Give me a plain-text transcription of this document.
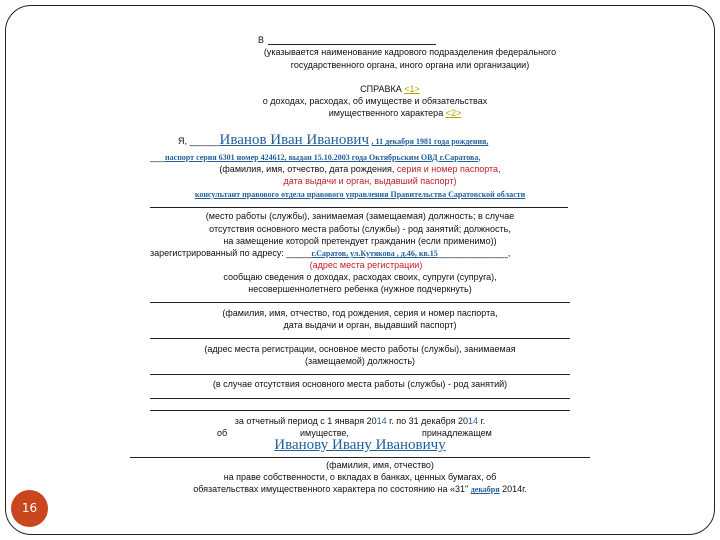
В
(указывается наименование кадрового подразделения федерального
государственного органа, иного органа или организации)
СПРАВКА <1>
о доходах, расходах, об имуществе и обязательствах
имущественного характера <2>
Я, ______Иванов Иван Иванович , 11 декабря 1981 года рождения,
___паспорт серия 6301 номер 424612, выдан 15.10.2003 года Октябрьским ОВД г.Саратова,
(фамилия, имя, отчество, дата рождения, серия и номер паспорта,
дата выдачи и орган, выдавший паспорт)
консультант правового отдела правового управления Правительства Саратовской области
(место работы (службы), занимаемая (замещаемая) должность; в случае
отсутствия основного места работы (службы) - род занятий; должность,
на замещение которой претендует гражданин (если применимо))
зарегистрированный по адресу: _____г.Саратов, ул.Кутякова , д.46, кв.15______________,
(адрес места регистрации)
сообщаю сведения о доходах, расходах своих, супруги (супруга),
несовершеннолетнего ребенка (нужное подчеркнуть)
(фамилия, имя, отчество, год рождения, серия и номер паспорта,
дата выдачи и орган, выдавший паспорт)
(адрес места регистрации, основное место работы (службы), занимаемая
(замещаемой) должность)
(в случае отсутствия основного места работы (службы) - род занятий)
за отчетный период с 1 января 2014 г. по 31 декабря 2014 г.
об	имуществе,	принадлежащем
Иванову Ивану Ивановичу
(фамилия, имя, отчество)
на праве собственности, о вкладах в банках, ценных бумагах, об
обязательствах имущественного характера по состоянию на «31" декабря 2014г.
16
